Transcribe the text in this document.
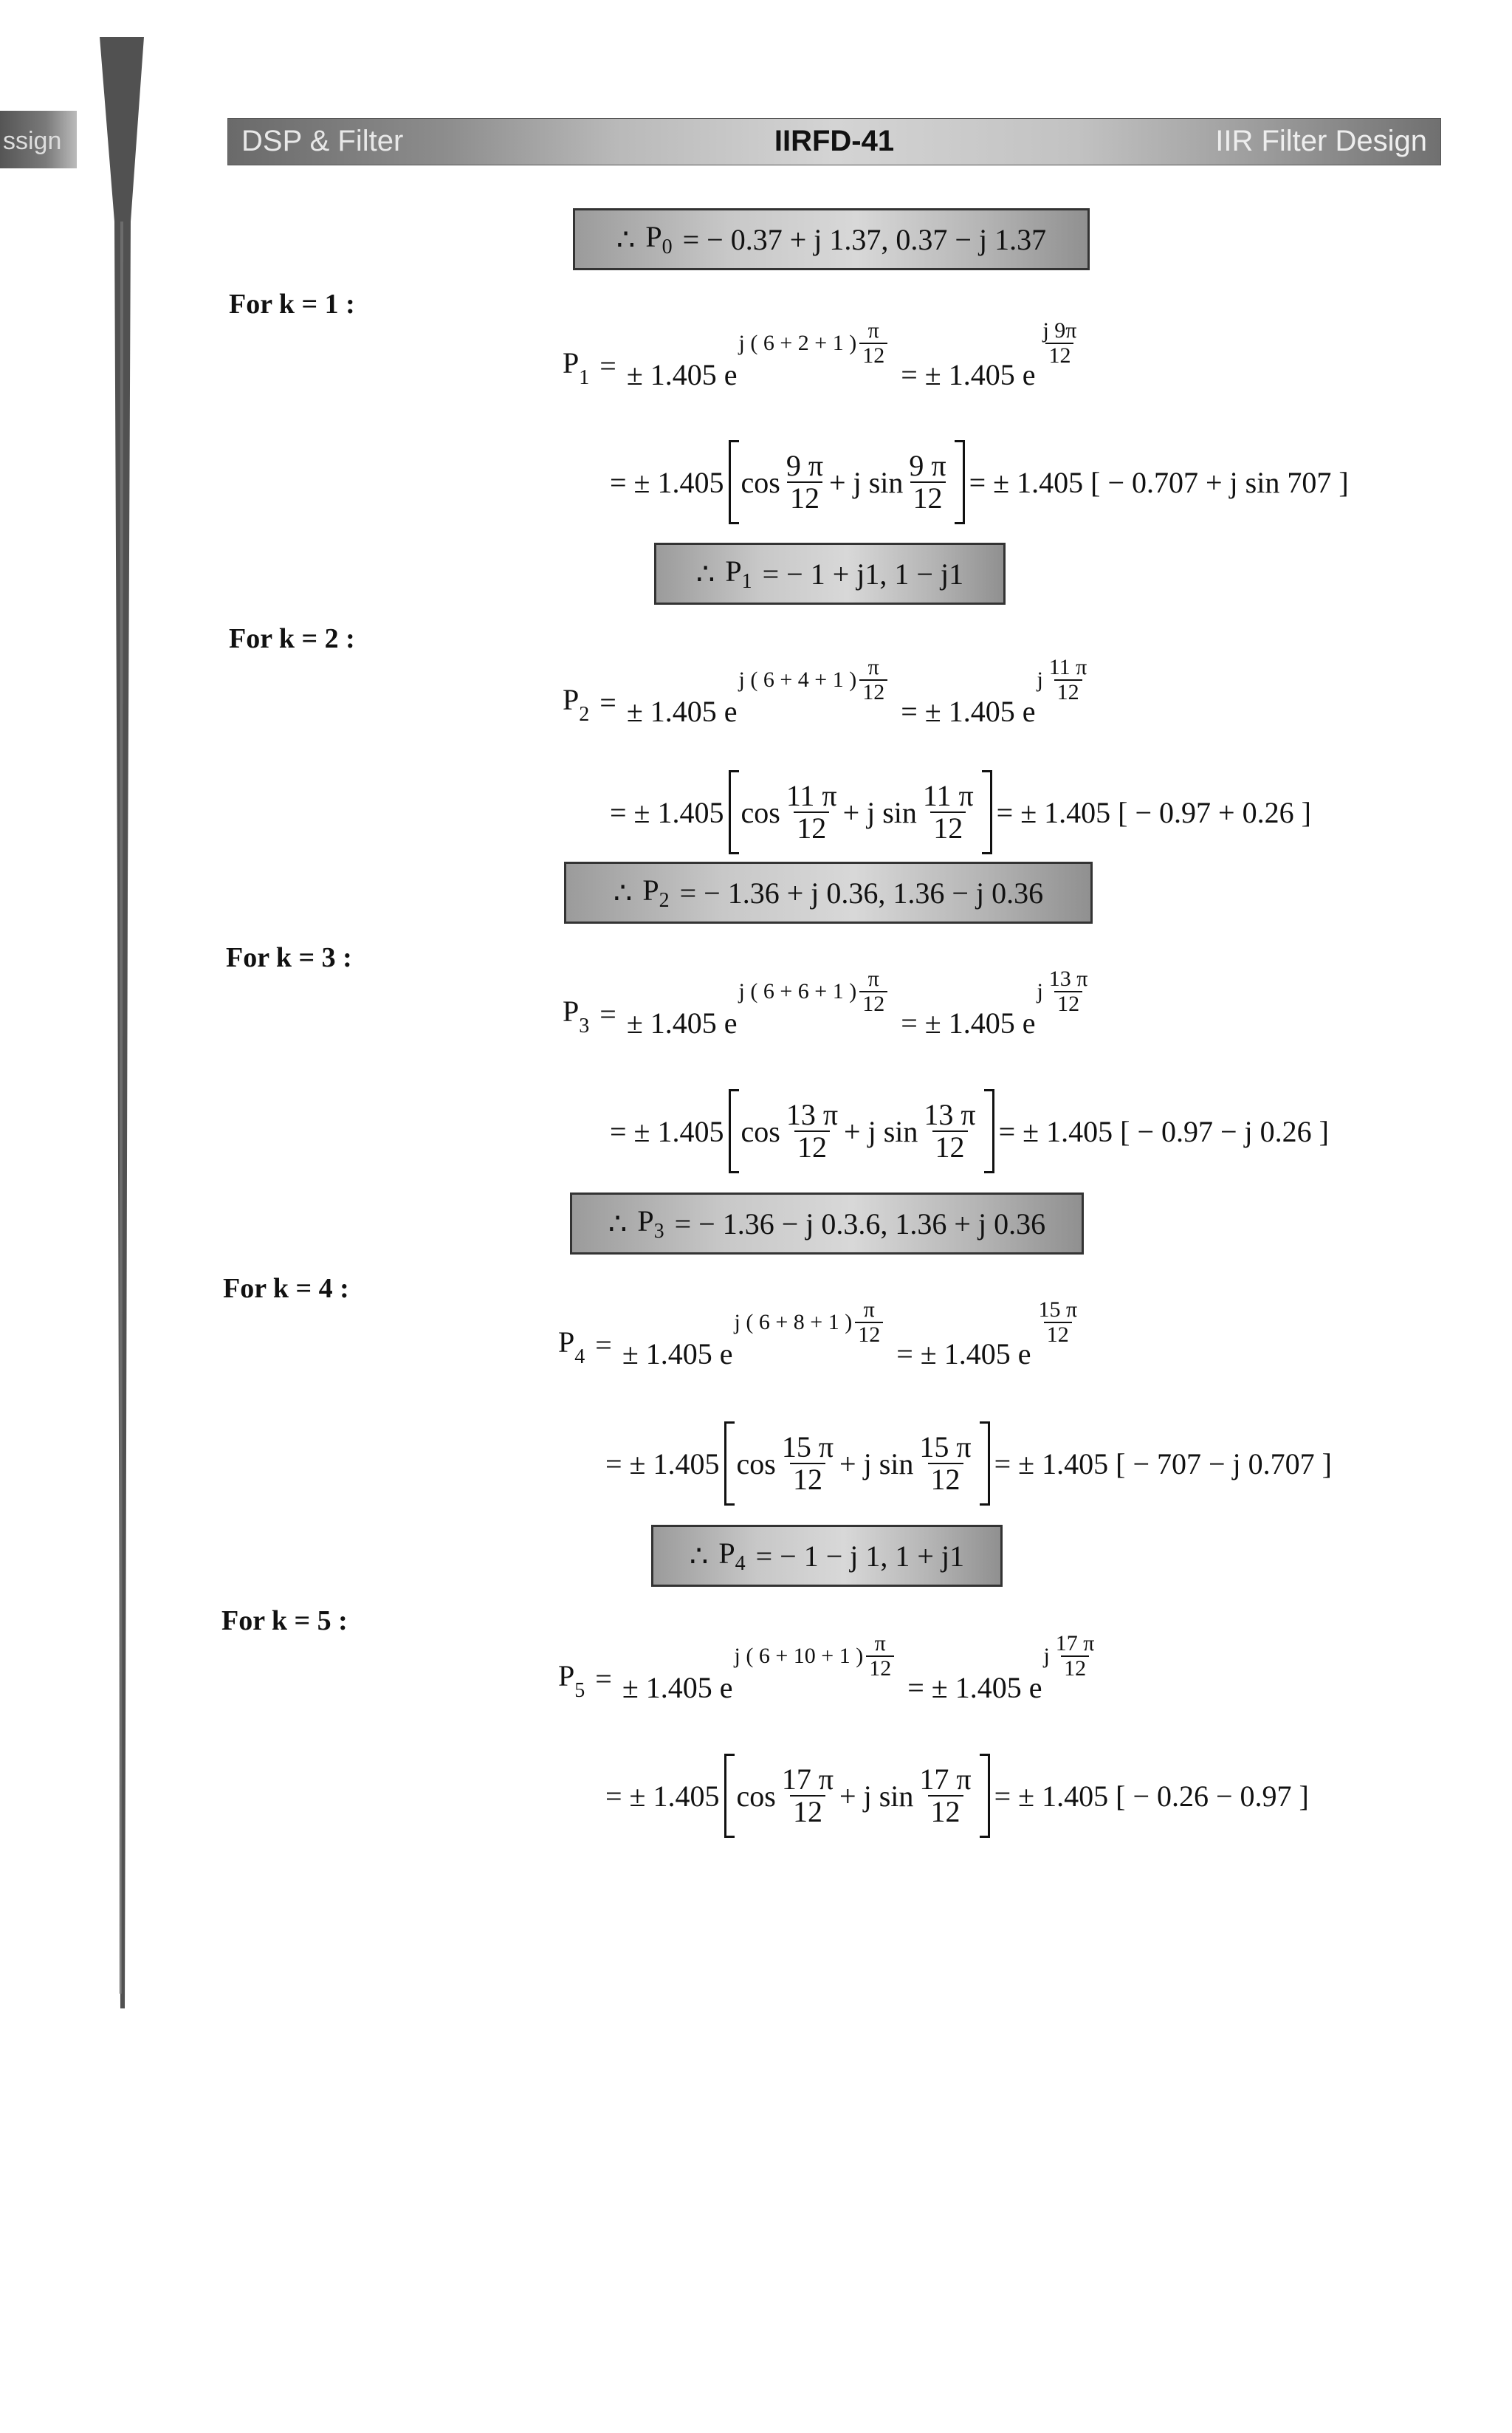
ssign	DSP & Filter	IIRFD-41	IIR Filter Design
∴ $P_0$ = − 0.37 + j 1.37, 0.37 − j 1.37
For k = 1 :
$P_1$ = ± 1.405 e
j ( 6 + 2 + 1 ) $\frac{\pi}{12}$
= ± 1.405 e
$\frac{j 9\pi}{12}$
= ± 1.405 $\cos \frac{9 \pi}{12} + j$ $\sin \frac{9 \pi}{12}$ = ± 1.405 [ − 0.707 + j sin 707 ]
∴ $P_1$ = − 1 + j1, 1 − j1
For k = 2 :
$P_2$ = ± 1.405 e
j ( 6 + 4 + 1 ) $\frac{\pi}{12}$
= ± 1.405 e
j $\frac{11 \pi}{12}$
= ± 1.405 $\cos \frac{11 \pi}{12} + j$ $\sin \frac{11 \pi}{12}$ = ± 1.405 [ − 0.97 + 0.26 ]
∴ $P_2$ = − 1.36 + j 0.36, 1.36 − j 0.36
For k = 3 :
$P_3$ = ± 1.405 e
j ( 6 + 6 + 1 ) $\frac{\pi}{12}$
= ± 1.405 e
j $\frac{13 \pi}{12}$
= ± 1.405 $\cos \frac{13 \pi}{12} + j$ $\sin \frac{13 \pi}{12}$ = ± 1.405 [ − 0.97 − j 0.26 ]
∴ $P_3$ = − 1.36 − j 0.3.6, 1.36 + j 0.36
For k = 4 :
$P_4$ = ± 1.405 e
j ( 6 + 8 + 1 ) $\frac{\pi}{12}$
= ± 1.405 e
$\frac{15 \pi}{12}$
= ± 1.405 $\cos \frac{15 \pi}{12} + j$ $\sin \frac{15 \pi}{12}$ = ± 1.405 [ − 707 − j 0.707 ]
∴ $P_4$ = − 1 − j 1, 1 + j1
For k = 5 :
$P_5$ = ± 1.405 e
j ( 6 + 10 + 1 ) $\frac{\pi}{12}$
= ± 1.405 e
j $\frac{17 \pi}{12}$
= ± 1.405 $\cos \frac{17 \pi}{12} + j$ $\sin \frac{17 \pi}{12}$ = ± 1.405 [ − 0.26 − 0.97 ]
